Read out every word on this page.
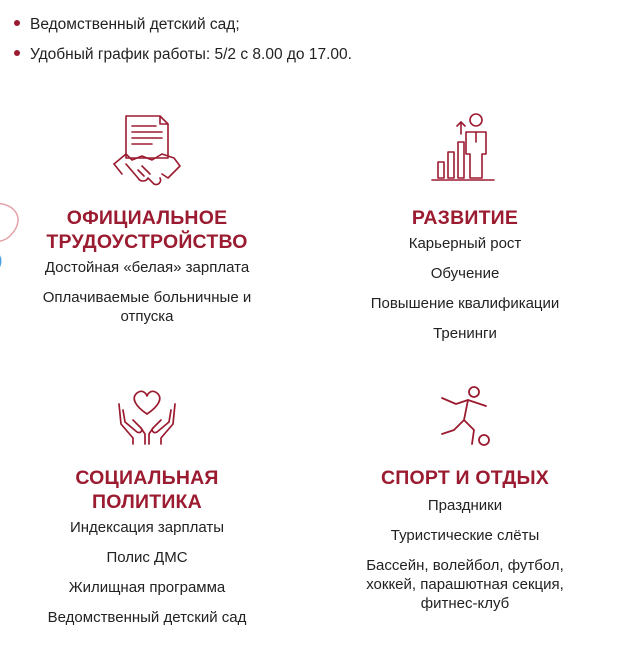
Ведомственный детский сад;
Удобный график работы: 5/2 с 8.00 до 17.00.
ОФИЦИАЛЬНОЕ
ТРУДОУСТРОЙСТВО
Достойная «белая» зарплата
Оплачиваемые больничные и отпуска
РАЗВИТИЕ
Карьерный рост
Обучение
Повышение квалификации
Тренинги
СОЦИАЛЬНАЯ
ПОЛИТИКА
Индексация зарплаты
Полис ДМС
Жилищная программа
Ведомственный детский сад
СПОРТ И ОТДЫХ
Праздники
Туристические слёты
Бассейн, волейбол, футбол, хоккей, парашютная секция, фитнес-клуб
